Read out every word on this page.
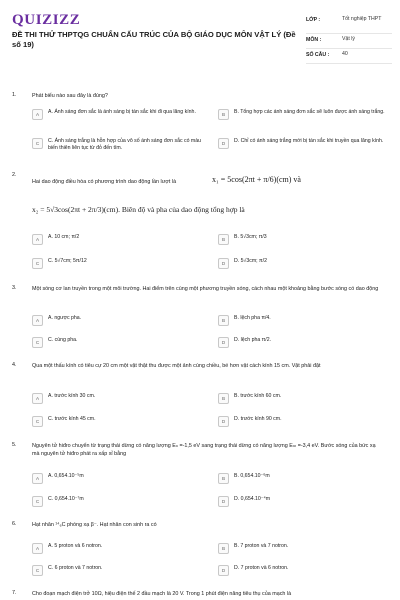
QUIZIZZ
ĐỀ THI THỬ THPTQG CHUẨN CẤU TRÚC CỦA BỘ GIÁO DỤC MÔN VẬT LÝ (Đề số 19)
LỚP :	Tốt nghiệp THPT
MÔN :	Vật lý
SỐ CÂU : 40
1.	Phát biểu nào sau đây là đúng?
A	A. Ánh sáng đơn sắc là ánh sáng bị tán sắc khi đi qua lăng kính.	B	B. Tổng hợp các ánh sáng đơn sắc sẽ luôn được ánh sáng trắng.
C	C. Ánh sáng trắng là hỗn hợp của vô số ánh sáng đơn sắc có màu biến thiên liên tục từ đỏ đến tím.
D	D. Chỉ có ánh sáng trắng mới bị tán sắc khi truyền qua lăng kính.
2.
Hai dao động điều hòa có phương trình dao động lần lượt là	x₁ = 5cos(2πt + π/6)(cm) và
x₂ = 5√3cos(2πt + 2π/3)(cm). Biên độ và pha của dao động tổng hợp là
A	A. 10 cm; π/2	B	B. 5√3cm; π/3
C	C. 5√7cm; 5π/12	D	D. 5√3cm; π/2
3.	Một sóng cơ lan truyền trong một môi trường. Hai điểm trên cùng một phương truyền sóng, cách nhau một khoảng bằng bước sóng có dao động
A	A. ngược pha.	B	B. lệch pha π/4.
C	C. cùng pha.	D	D. lệch pha π/2.
4.	Qua một thấu kính có tiêu cự 20 cm một vật thật thu được một ảnh cùng chiều, bé hơn vật cách kính 15 cm. Vật phải đặt
A	A. trước kính 30 cm.	B	B. trước kính 60 cm.
C	C. trước kính 45 cm.	D	D. trước kính 90 cm.
5.	Nguyên tử hiđro chuyển từ trạng thái dừng có năng lượng Eₙ =-1,5 eV sang trạng thái dừng có năng lượng Eₘ =-3,4 eV. Bước sóng của bức xạ mà nguyên tử hiđro phát ra xấp xỉ bằng
A	A. 0,654.10⁻⁵m	B	B. 0,654.10⁻⁶m
C	C. 0,654.10⁻⁷m	D	D. 0,654.10⁻⁴m
6.	Hạt nhân ¹⁴₆C phóng xạ β⁻. Hạt nhân con sinh ra có
A	A. 5 proton và 6 notron.	B	B. 7 proton và 7 notron.
C	C. 6 proton và 7 notron.	D	D. 7 proton và 6 notron.
7.	Cho đoạn mạch điện trở 10Ω, hiệu điện thế 2 đầu mạch là 20 V. Trong 1 phút điện năng tiêu thụ của mạch là
